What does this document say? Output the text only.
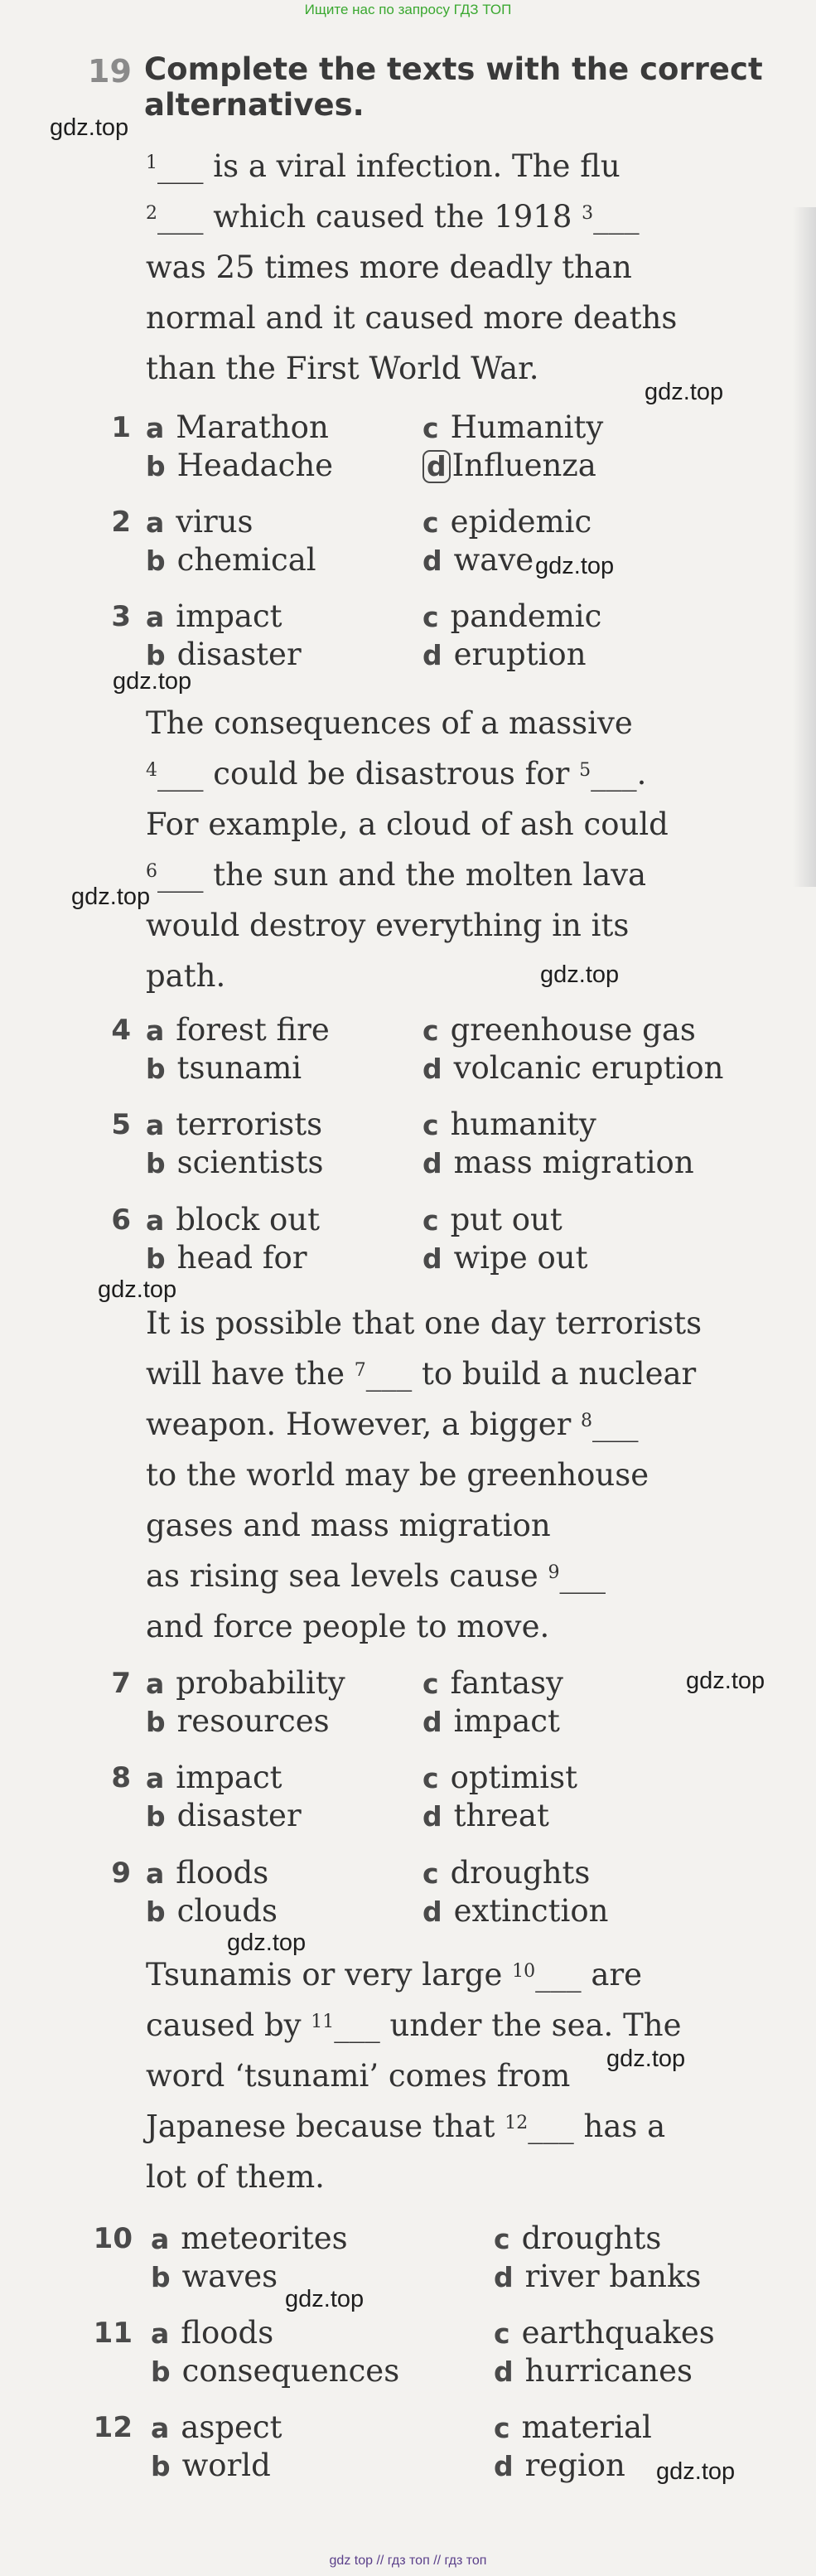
Ищите нас по запросу ГДЗ ТОП
19 Complete the texts with the correct
alternatives.
$^1$___ is a viral infection. The flu
$^2$___ which caused the 1918 $^3$___
was 25 times more deadly than
normal and it caused more deaths
than the First World War.
The consequences of a massive
$^4$___ could be disastrous for $^5$___.
For example, a cloud of ash could
$^6$___ the sun and the molten lava
would destroy everything in its
path.
It is possible that one day terrorists
will have the $^7$___ to build a nuclear
weapon. However, a bigger $^8$___
to the world may be greenhouse
gases and mass migration
as rising sea levels cause $^9$___
and force people to move.
Tsunamis or very large $^{10}$___ are
caused by $^{11}$___ under the sea. The
word ‘tsunami’ comes from
Japanese because that $^{12}$___ has a
lot of them.
1 a Marathon
b Headache
c Humanity
d Influenza
2 a virus
b chemical
c epidemic
d wave
3 a impact
b disaster
c pandemic
d eruption
4 a forest fire
b tsunami
c greenhouse gas
d volcanic eruption
5 a terrorists
b scientists
c humanity
d mass migration
6 a block out
b head for
c put out
d wipe out
7 a probability
b resources
c fantasy
d impact
8 a impact
b disaster
c optimist
d threat
9 a floods
b clouds
c droughts
d extinction
10 a meteorites
b waves
c droughts
d river banks
11 a floods
b consequences
c earthquakes
d hurricanes
12 a aspect
b world
c material
d region
gdz.top
gdz.top
gdz.top
gdz.top
gdz.top
gdz.top
gdz.top
gdz.top
gdz.top
gdz.top
gdz.top
gdz.top
gdz top // гдз топ // гдз топ
